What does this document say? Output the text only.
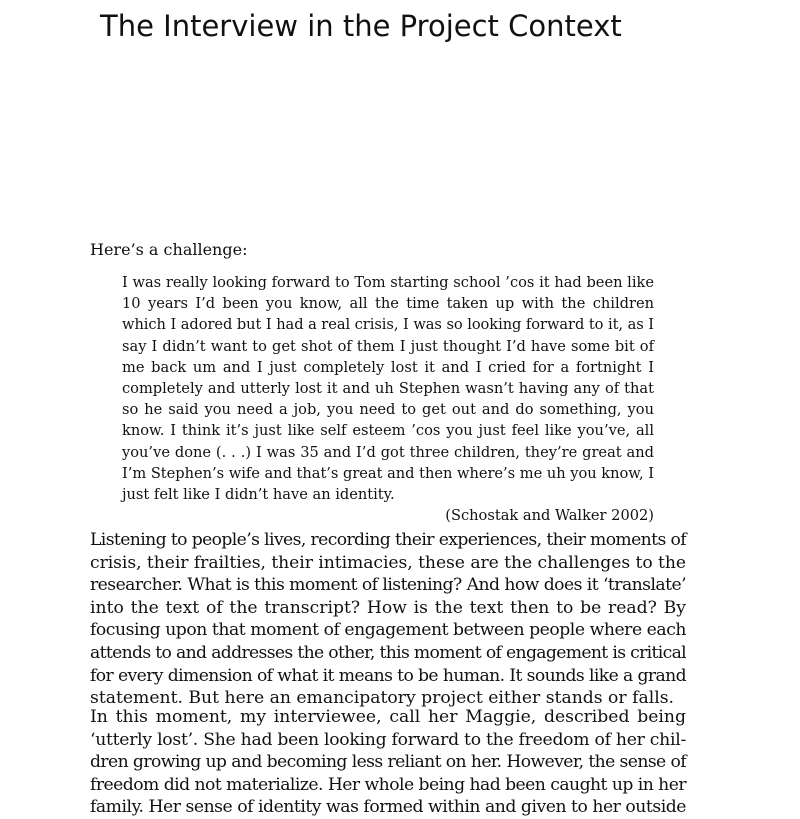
The Interview in the Project Context

Here’s a challenge:

I was really looking forward to Tom starting school ’cos it had been like
10 years I’d been you know, all the time taken up with the children
which I adored but I had a real crisis, I was so looking forward to it, as I
say I didn’t want to get shot of them I just thought I’d have some bit of
me back um and I just completely lost it and I cried for a fortnight I
completely and utterly lost it and uh Stephen wasn’t having any of that
so he said you need a job, you need to get out and do something, you
know. I think it’s just like self esteem ’cos you just feel like you’ve, all
you’ve done (. . .) I was 35 and I’d got three children, they’re great and
I’m Stephen’s wife and that’s great and then where’s me uh you know, I
just felt like I didn’t have an identity.
(Schostak and Walker 2002)
Listening to people’s lives, recording their experiences, their moments of
crisis, their frailties, their intimacies, these are the challenges to the
researcher. What is this moment of listening? And how does it ‘translate’
into the text of the transcript? How is the text then to be read? By
focusing upon that moment of engagement between people where each
attends to and addresses the other, this moment of engagement is critical
for every dimension of what it means to be human. It sounds like a grand
statement. But here an emancipatory project either stands or falls.
In this moment, my interviewee, call her Maggie, described being
‘utterly lost’. She had been looking forward to the freedom of her chil-
dren growing up and becoming less reliant on her. However, the sense of
freedom did not materialize. Her whole being had been caught up in her
family. Her sense of identity was formed within and given to her outside
